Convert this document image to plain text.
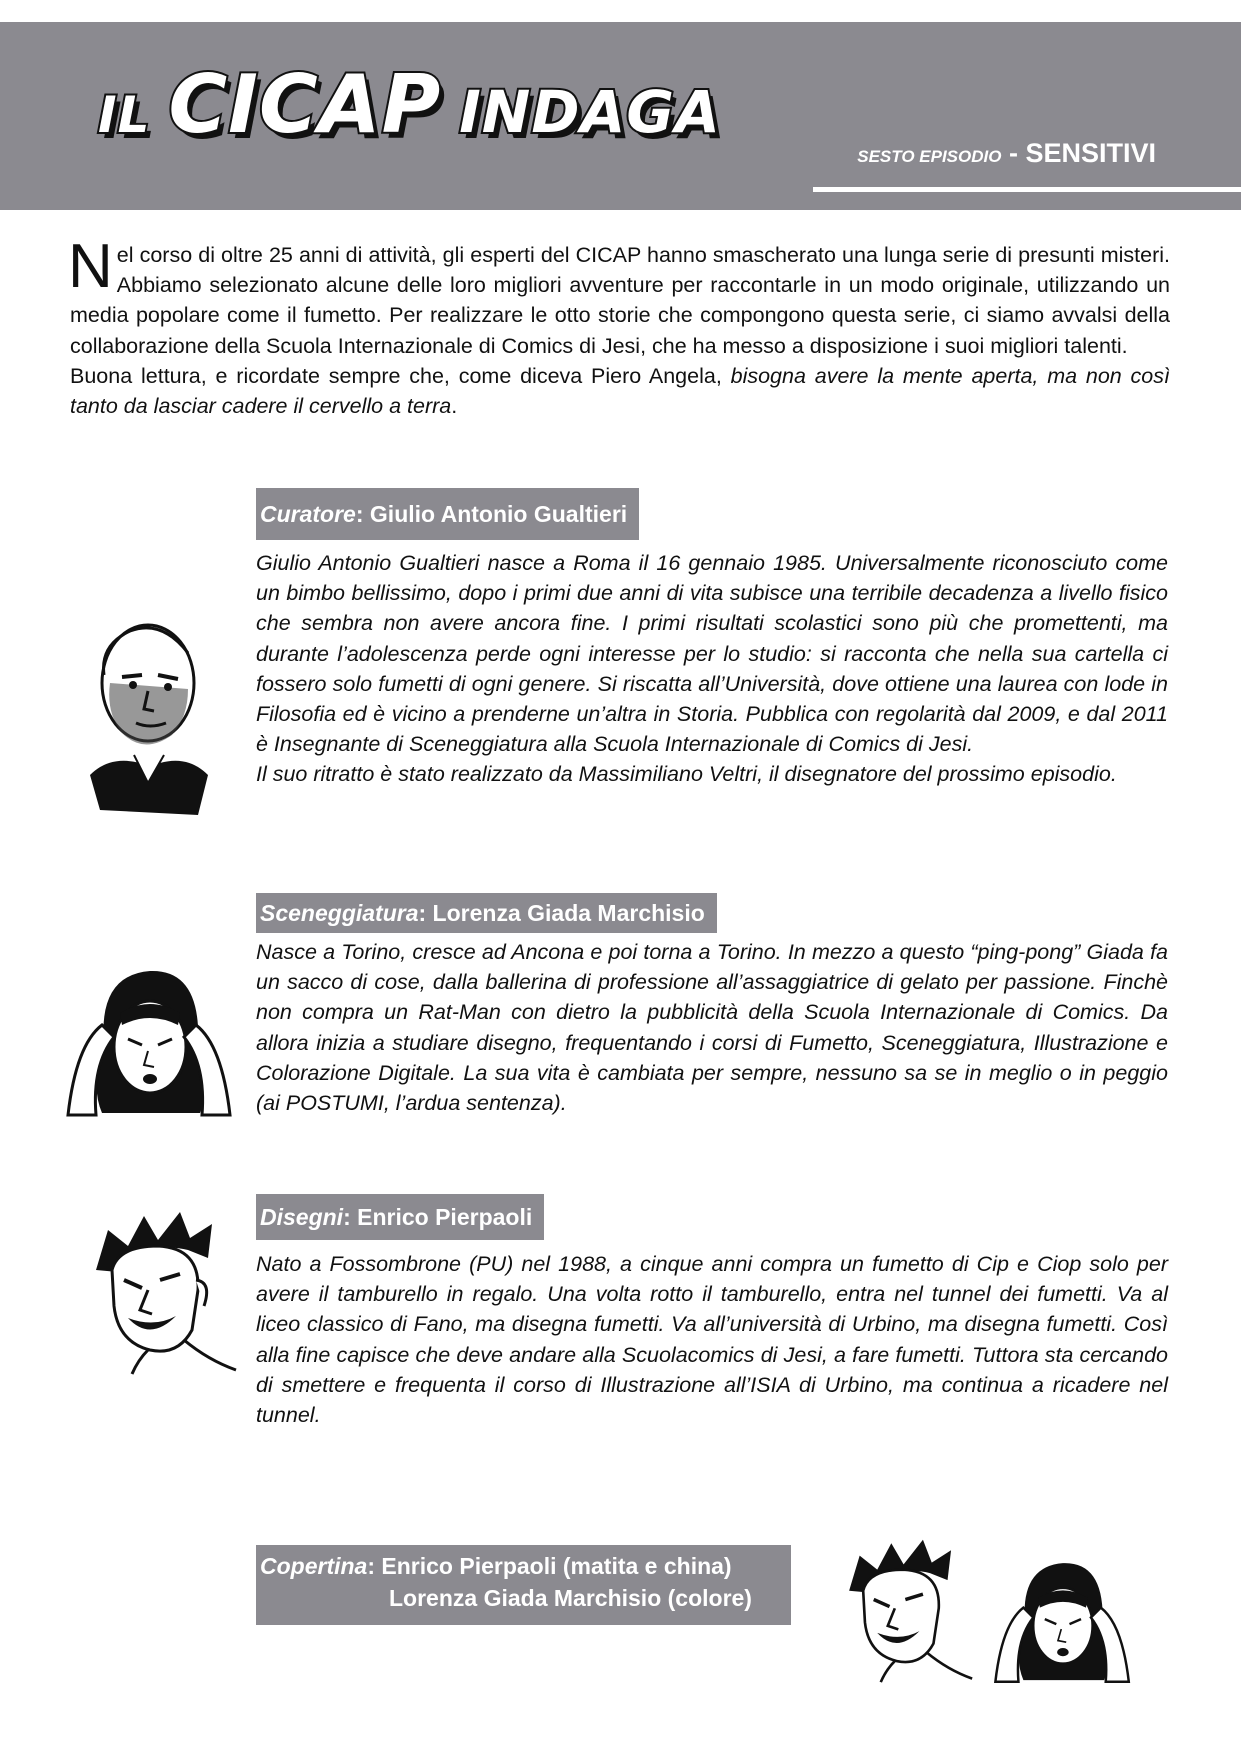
IL CICAP INDAGA
SESTO EPISODIO - SENSITIVI
N el corso di oltre 25 anni di attività, gli esperti del CICAP hanno smascherato una lunga serie di presunti misteri. Abbiamo selezionato alcune delle loro migliori avventure per raccontarle in un modo originale, utilizzando un media popolare come il fumetto. Per realizzare le otto storie che compongono questa serie, ci siamo avvalsi della collaborazione della Scuola Internazionale di Comics di Jesi, che ha messo a disposizione i suoi migliori talenti.

Buona lettura, e ricordate sempre che, come diceva Piero Angela, bisogna avere la mente aperta, ma non così tanto da lasciar cadere il cervello a terra.

Curatore : Giulio Antonio Gualtieri

Giulio Antonio Gualtieri nasce a Roma il 16 gennaio 1985. Universalmente riconosciuto come un bimbo bellissimo, dopo i primi due anni di vita subisce una terribile decadenza a livello fisico che sembra non avere ancora fine. I primi risultati scolastici sono più che promettenti, ma durante l’adolescenza perde ogni interesse per lo studio: si racconta che nella sua cartella ci fossero solo fumetti di ogni genere. Si riscatta all’Università, dove ottiene una laurea con lode in Filosofia ed è vicino a prenderne un’altra in Storia. Pubblica con regolarità dal 2009, e dal 2011 è Insegnante di Sceneggiatura alla Scuola Internazionale di Comics di Jesi.

Il suo ritratto è stato realizzato da Massimiliano Veltri, il disegnatore del prossimo episodio.

Sceneggiatura : Lorenza Giada Marchisio

Nasce a Torino, cresce ad Ancona e poi torna a Torino. In mezzo a questo “ping-pong” Giada fa un sacco di cose, dalla ballerina di professione all’assaggiatrice di gelato per passione. Finchè non compra un Rat-Man con dietro la pubblicità della Scuola Internazionale di Comics. Da allora inizia a studiare disegno, frequentando i corsi di Fumetto, Sceneggiatura, Illustrazione e Colorazione Digitale. La sua vita è cambiata per sempre, nessuno sa se in meglio o in peggio (ai POSTUMI, l’ardua sentenza).

Disegni : Enrico Pierpaoli

Nato a Fossombrone (PU) nel 1988, a cinque anni compra un fumetto di Cip e Ciop solo per avere il tamburello in regalo. Una volta rotto il tamburello, entra nel tunnel dei fumetti. Va al liceo classico di Fano, ma disegna fumetti. Va all’università di Urbino, ma disegna fumetti. Così alla fine capisce che deve andare alla Scuolacomics di Jesi, a fare fumetti. Tuttora sta cercando di smettere e frequenta il corso di Illustrazione all’ISIA di Urbino, ma continua a ricadere nel tunnel.

Copertina: Enrico Pierpaoli (matita e china)
Lorenza Giada Marchisio (colore)
